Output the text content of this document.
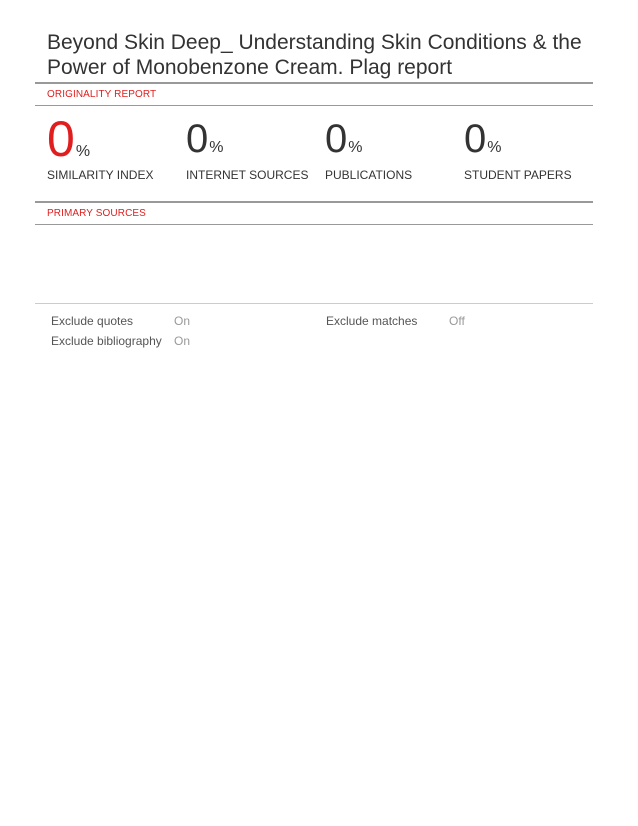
Beyond Skin Deep_ Understanding Skin Conditions & the
Power of Monobenzone Cream. Plag report
ORIGINALITY REPORT
0%
SIMILARITY INDEX
0%
INTERNET SOURCES
0%
PUBLICATIONS
0%
STUDENT PAPERS
PRIMARY SOURCES
Exclude quotes	On
Exclude bibliography On
Exclude matches	Off
